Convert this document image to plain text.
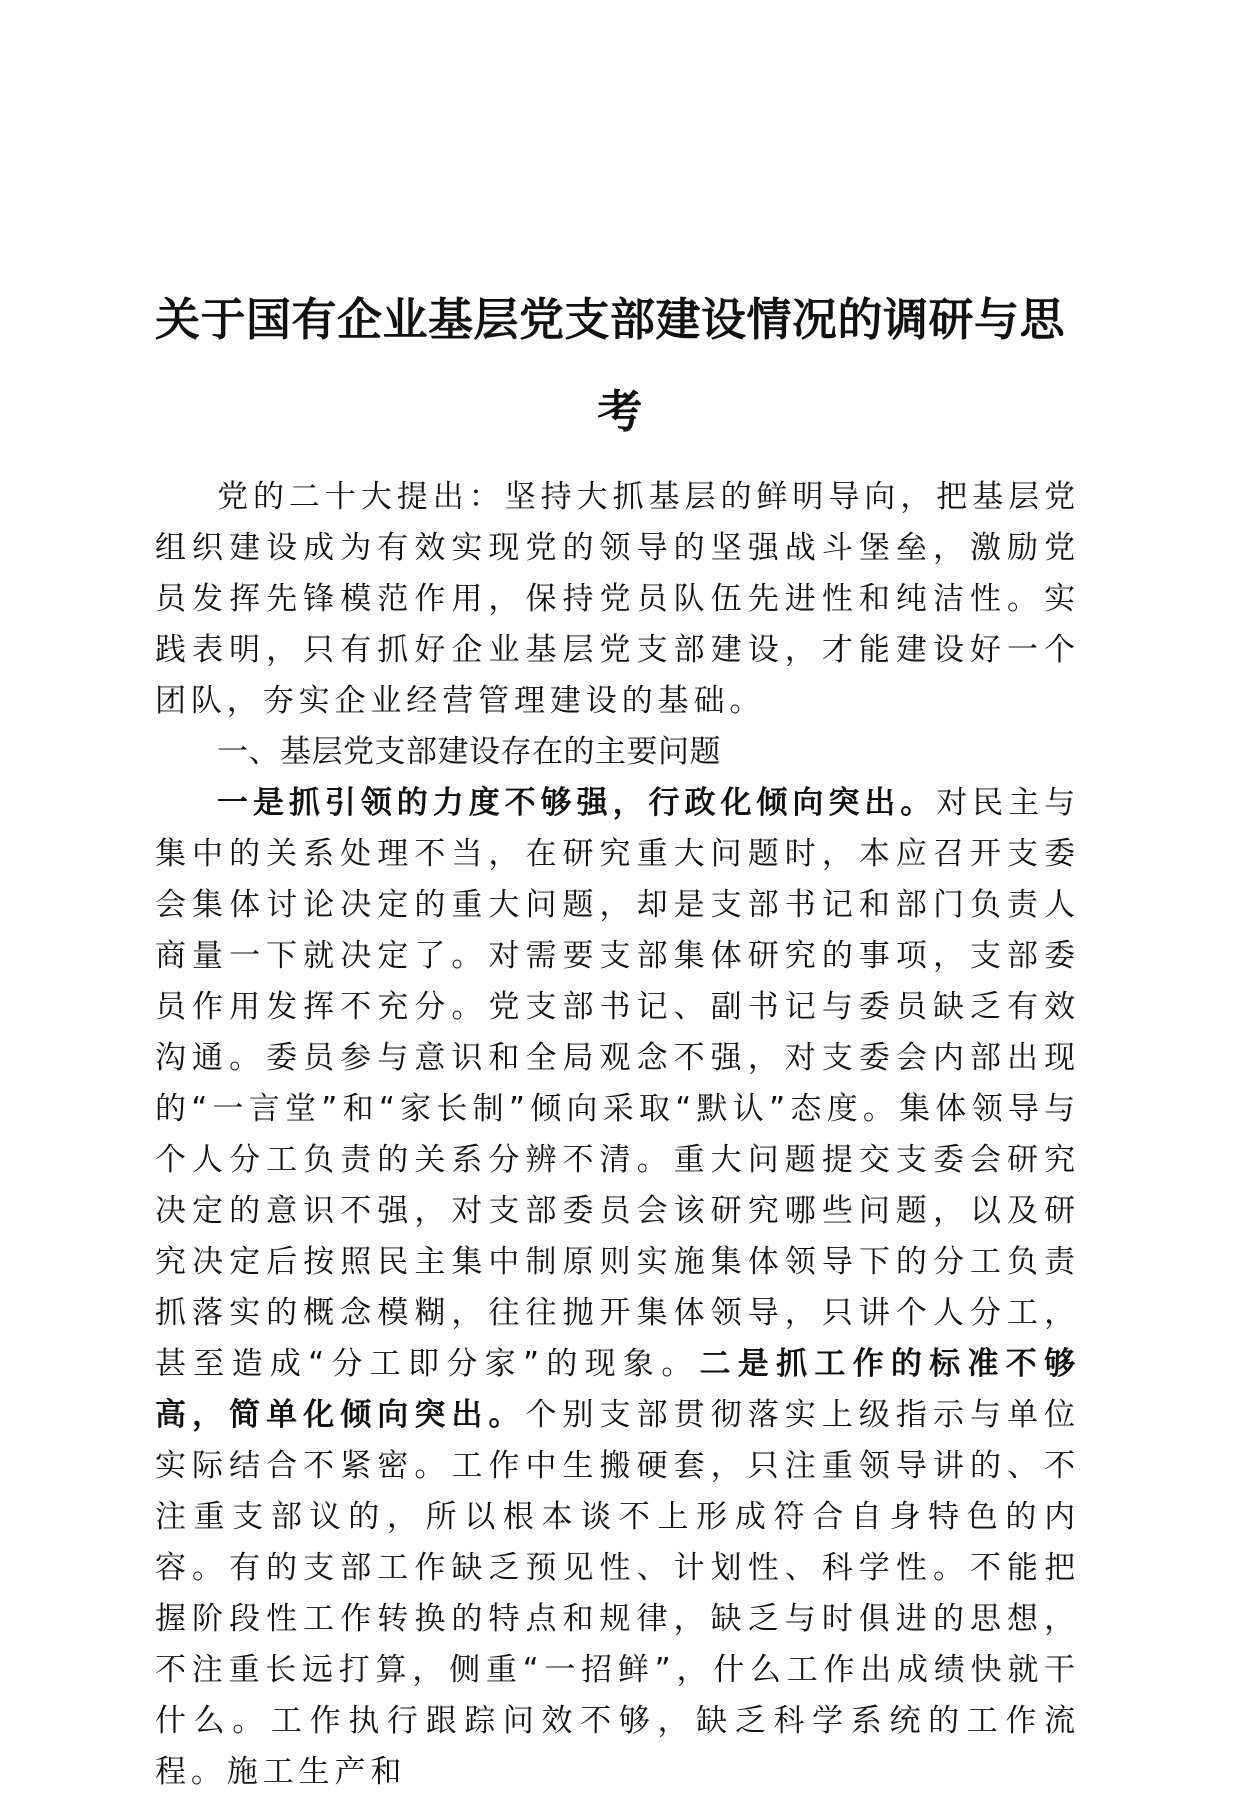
关于国有企业基层党支部建设情况的调研与思
考

党的二十大提出：坚持大抓基层的鲜明导向，把基层党组织建设成为有效实现党的领导的坚强战斗堡垒，激励党员发挥先锋模范作用，保持党员队伍先进性和纯洁性。实践表明，只有抓好企业基层党支部建设，才能建设好一个团队，夯实企业经营管理建设的基础。

一、基层党支部建设存在的主要问题

一是抓引领的力度不够强，行政化倾向突出。对民主与集中的关系处理不当，在研究重大问题时，本应召开支委会集体讨论决定的重大问题，却是支部书记和部门负责人商量一下就决定了。对需要支部集体研究的事项，支部委员作用发挥不充分。党支部书记、副书记与委员缺乏有效沟通。委员参与意识和全局观念不强，对支委会内部出现的“一言堂”和“家长制”倾向采取“默认”态度。集体领导与个人分工负责的关系分辨不清。重大问题提交支委会研究决定的意识不强，对支部委员会该研究哪些问题，以及研究决定后按照民主集中制原则实施集体领导下的分工负责抓落实的概念模糊，往往抛开集体领导，只讲个人分工，甚至造成“分工即分家”的现象。二是抓工作的标准不够高，简单化倾向突出。个别支部贯彻落实上级指示与单位实际结合不紧密。工作中生搬硬套，只注重领导讲的、不注重支部议的，所以根本谈不上形成符合自身特色的内容。有的支部工作缺乏预见性、计划性、科学性。不能把握阶段性工作转换的特点和规律，缺乏与时俱进的思想，不注重长远打算，侧重“一招鲜”，什么工作出成绩快就干什么。工作执行跟踪问效不够，缺乏科学系统的工作流程。施工生产和
